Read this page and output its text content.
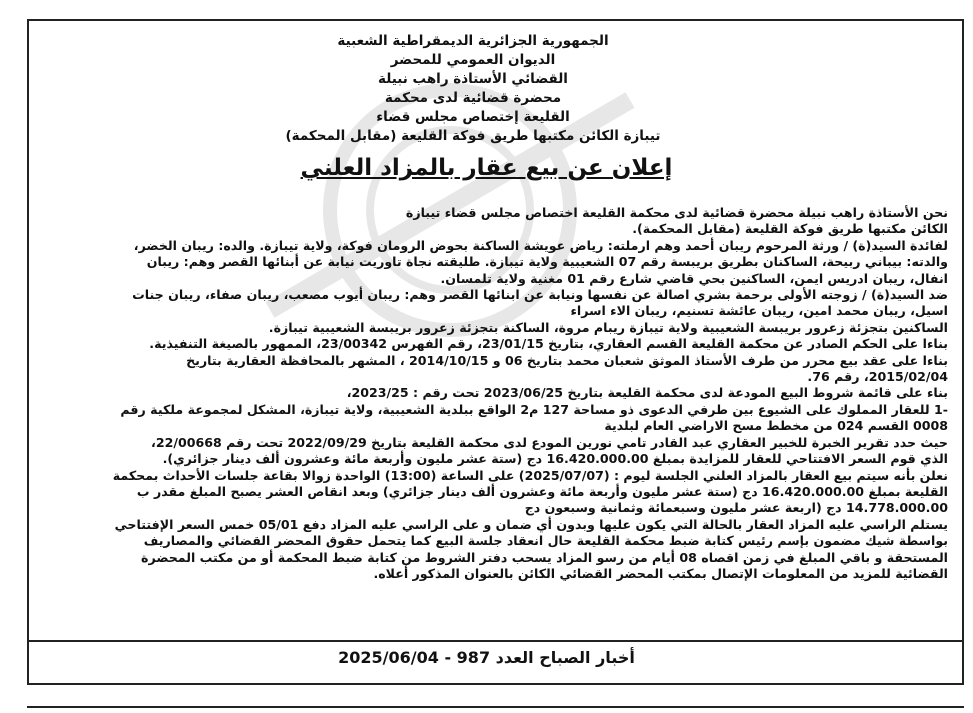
الجمهورية الجزائرية الديمقراطية الشعبية
الديوان العمومي للمحضر
القضائي الأستاذة راهب نبيلة
محضرة قضائية لدى محكمة
القليعة إختصاص مجلس قضاء
تيبازة الكائن مكتبها طريق فوكة القليعة (مقابل المحكمة)
إعلان عن بيع عقار بالمزاد العلني

نحن الأستاذة راهب نبيلة محضرة قضائية لدى محكمة القليعة اختصاص مجلس قضاء تيبازة

الكائن مكتبها طريق فوكة القليعة (مقابل المحكمة).

لفائدة السيد(ة) / ورثة المرحوم ريبان أحمد وهم ارملته: رياض عويشة الساكنة بحوض الرومان فوكة، ولاية تيبازة. والده: ريبان الخضر،

والدته: بيباني ربيحة، الساكنان بطريق بريبسة رقم 07 الشعيبية ولاية تيبازة. طليقته نجاة تاوريت نيابة عن أبنائها القصر وهم: ريبان

انفال، ريبان ادريس ايمن، الساكنين بحي قاضي شارع رقم 01 مغنية ولاية تلمسان.

ضد السيد(ة) / زوجته الأولى برحمة بشري اصالة عن نفسها ونيابة عن ابنائها القصر وهم: ريبان أيوب مصعب، ريبان صفاء، ريبان جنات

اسيل، ريبان محمد امين، ريبان عائشة تسنيم، ريبان الاء اسراء

الساكنين بتجزئة زعرور بريبسة الشعيبية ولاية تيبازة ريبام مروة، الساكنة بتجزئة زعرور بريبسة الشعيبية تيبازة.

بناءا على الحكم الصادر عن محكمة القليعة القسم العقاري، بتاريخ 23/01/15، رقم الفهرس 23/00342، الممهور بالصيغة التنفيذية.

بناءا على عقد بيع محرر من طرف الأستاذ الموثق شعبان محمد بتاريخ 06 و 2014/10/15 ، المشهر بالمحافظة العقارية بتاريخ

2015/02/04، رقم 76.

بناء على قائمة شروط البيع المودعة لدى محكمة القليعة بتاريخ 2023/06/25 تحت رقم : 2023/25،

-1 للعقار المملوك على الشيوع بين طرفي الدعوى ذو مساحة 127 م2 الواقع ببلدية الشعيبية، ولاية تيبازة، المشكل لمجموعة ملكية رقم

0008 القسم 024 من مخطط مسح الاراضي العام لبلدية

حيث حدد تقرير الخبرة للخبير العقاري عبد القادر تامي نورين المودع لدى محكمة القليعة بتاريخ 2022/09/29 تحت رقم 22/00668،

الذي قوم السعر الافتتاحي للعقار للمزايدة بمبلغ 16.420.000.00 دج (ستة عشر مليون وأربعة مائة وعشرون ألف دينار جزائري).

نعلن بأنه سيتم بيع العقار بالمزاد العلني الجلسة ليوم : (2025/07/07) على الساعة (13:00) الواحدة زوالا بقاعة جلسات الأحداث بمحكمة

القليعة بمبلغ 16.420.000.00 دج (ستة عشر مليون وأربعة مائة وعشرون ألف دينار جزائري) وبعد انقاص العشر يصبح المبلغ مقدر ب

14.778.000.00 دج (اربعة عشر مليون وسبعمائة وثمانية وسبعون دج

يستلم الراسي عليه المزاد العقار بالحالة التي يكون عليها وبدون أي ضمان و على الراسي عليه المزاد دفع 05/01 خمس السعر الإفتتاحي

بواسطة شيك مضمون بإسم رئيس كتابة ضبط محكمة القليعة حال انعقاد جلسة البيع كما يتحمل حقوق المحضر القضائي والمصاريف

المستحقة و باقي المبلغ في زمن اقصاه 08 أيام من رسو المزاد يسحب دفتر الشروط من كتابة ضبط المحكمة أو من مكتب المحضرة

القضائية للمزيد من المعلومات الإتصال بمكتب المحضر القضائي الكائن بالعنوان المذكور أعلاه.

أخبار الصباح العدد 987 - 2025/06/04
